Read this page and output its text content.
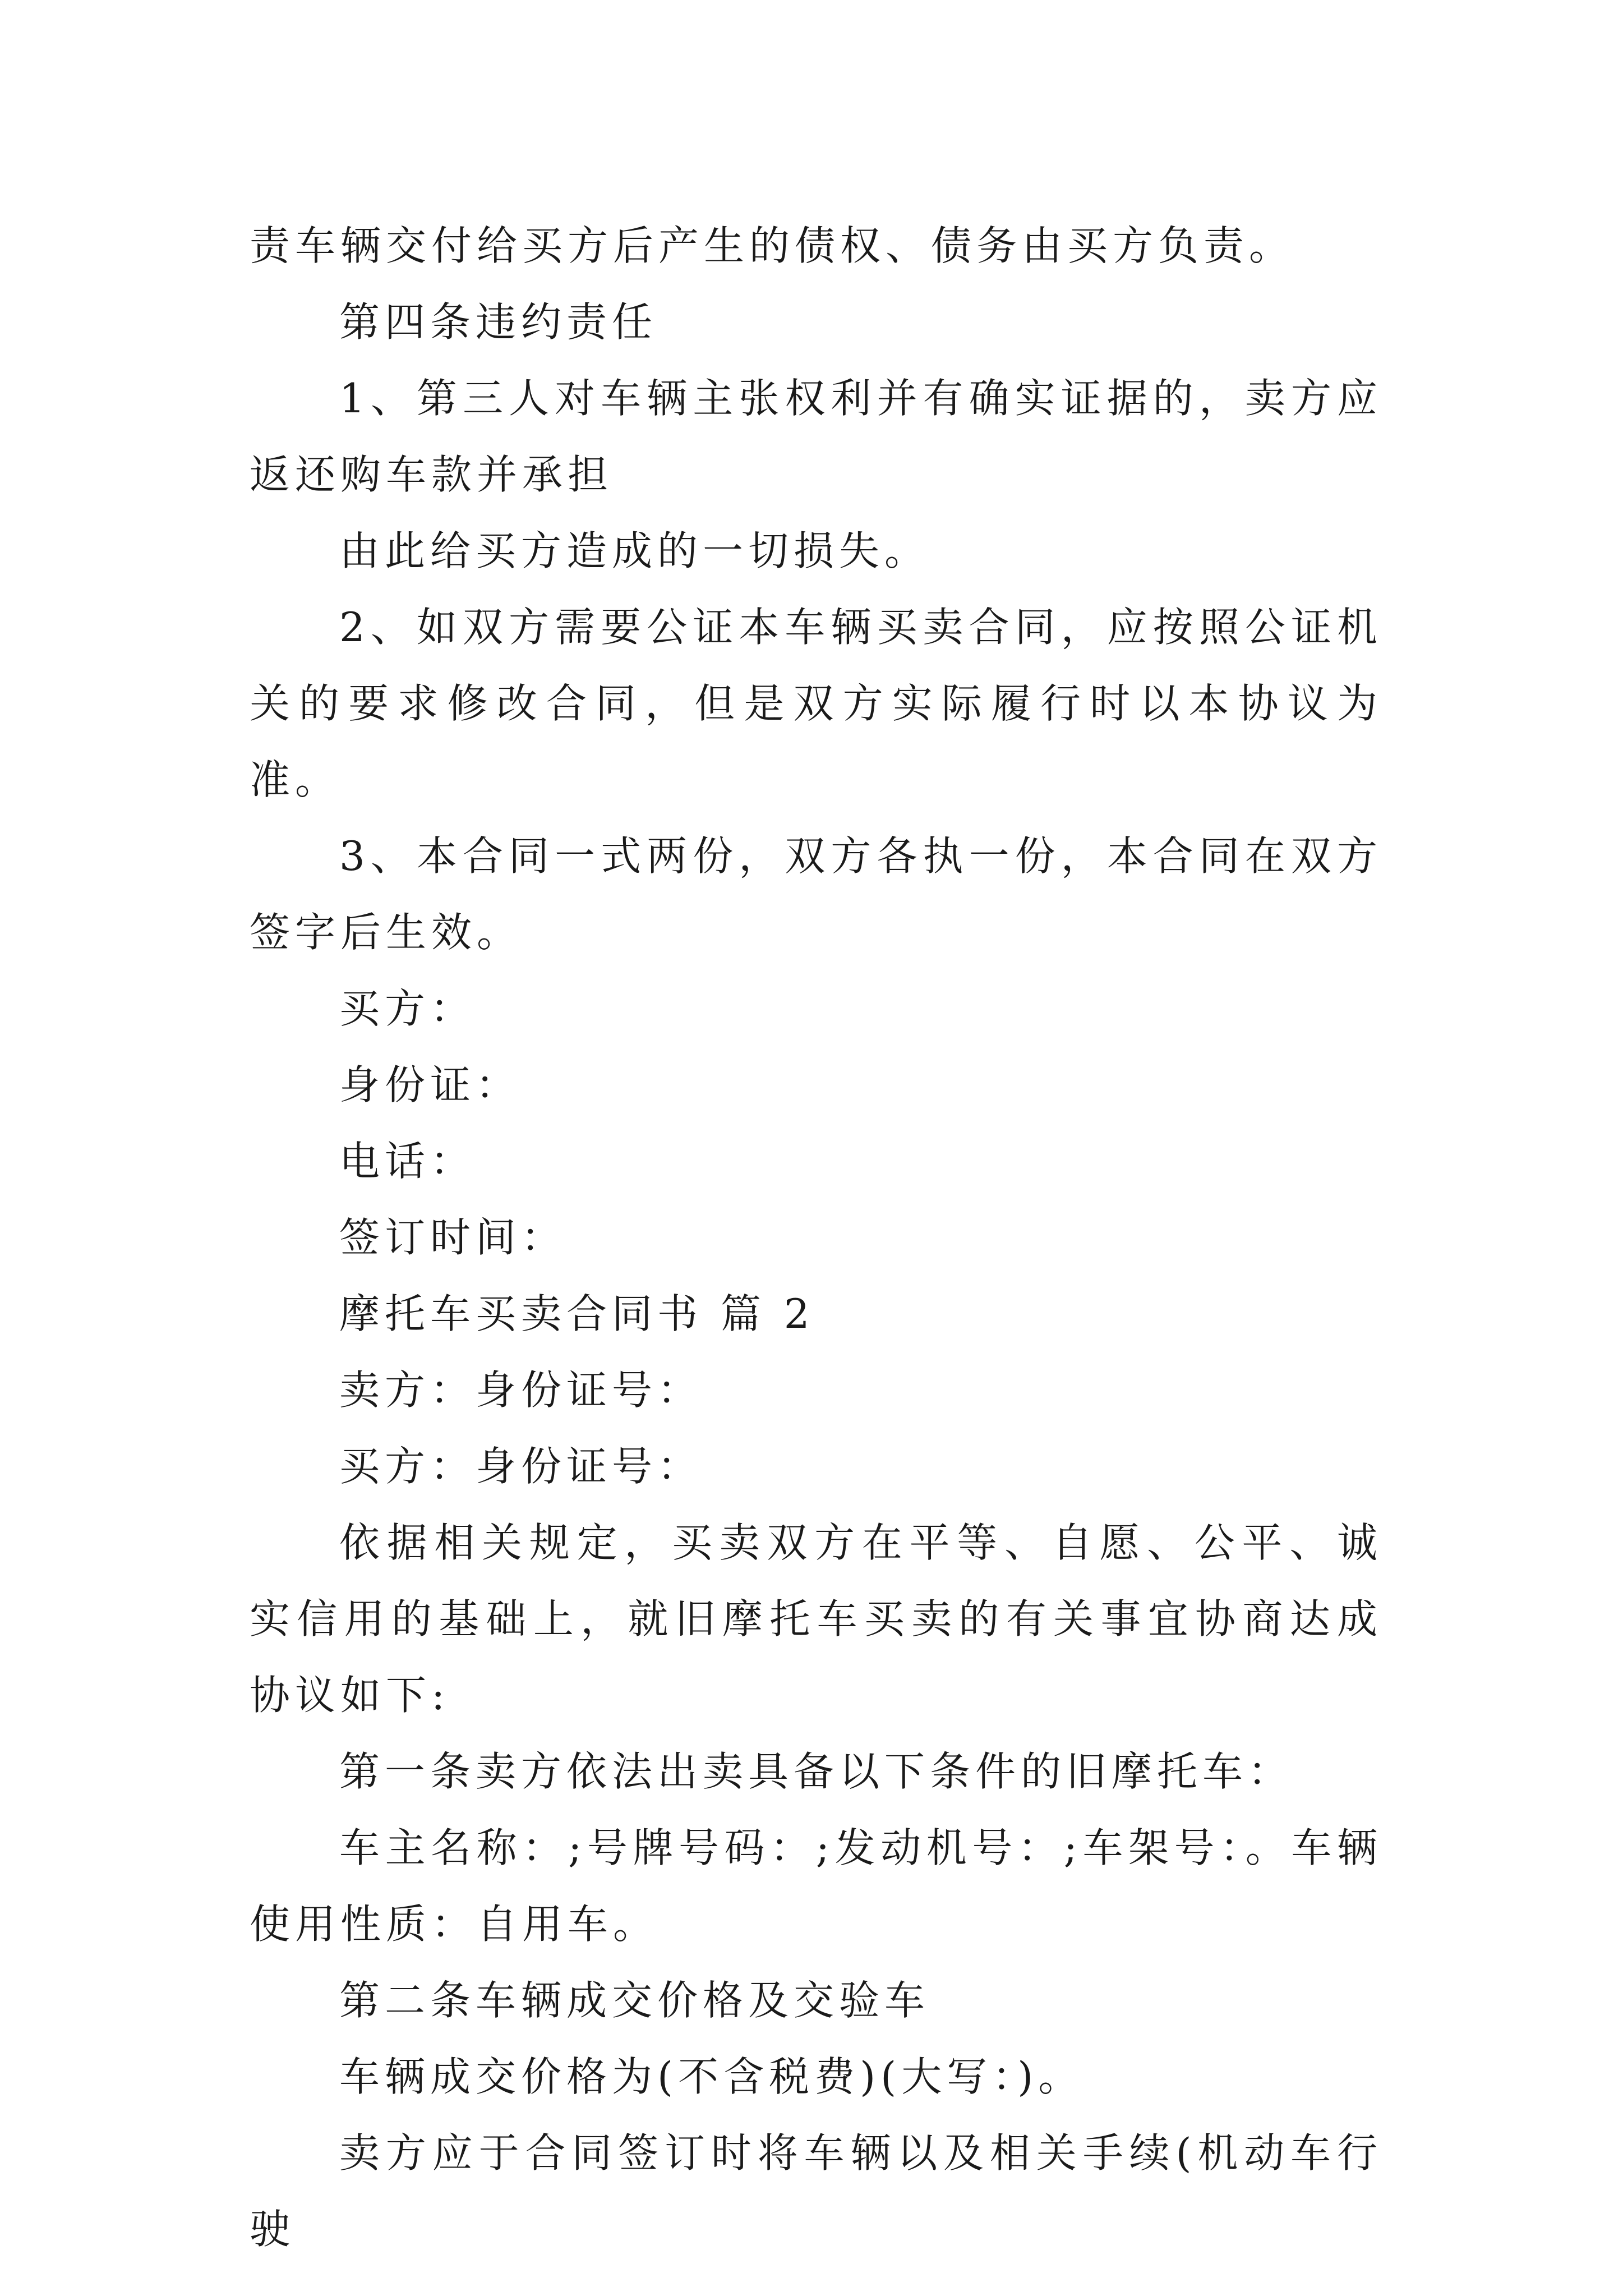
责车辆交付给买方后产生的债权、债务由买方负责。

第四条违约责任

1、第三人对车辆主张权利并有确实证据的，卖方应返还购车款并承担

由此给买方造成的一切损失。

2、如双方需要公证本车辆买卖合同，应按照公证机关的要求修改合同，但是双方实际履行时以本协议为准。

3、本合同一式两份，双方各执一份，本合同在双方签字后生效。

买方：

身份证：

电话：

签订时间：

摩托车买卖合同书 篇 2

卖方：身份证号：

买方：身份证号：

依据相关规定，买卖双方在平等、自愿、公平、诚实信用的基础上，就旧摩托车买卖的有关事宜协商达成协议如下:

第一条卖方依法出卖具备以下条件的旧摩托车：

车主名称：;号牌号码：;发动机号：;车架号：。车辆使用性质：自用车。

第二条车辆成交价格及交验车

车辆成交价格为(不含税费)(大写：)。

卖方应于合同签订时将车辆以及相关手续(机动车行驶
